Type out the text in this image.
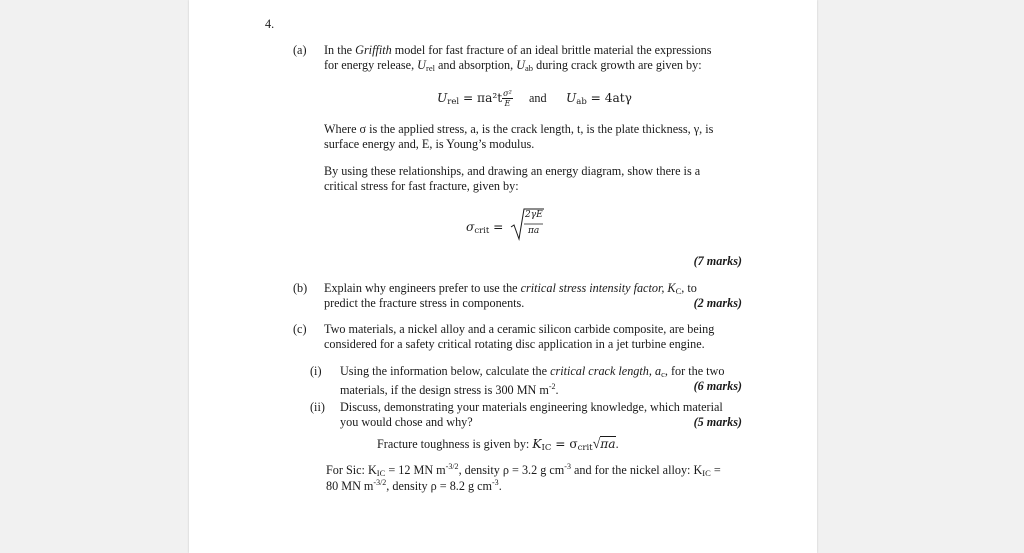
4.
(a) In the Griffith model for fast fracture of an ideal brittle material the expressions
for energy release, $U_{rel}$ and absorption, $U_{ab}$ during crack growth are given by:
$U_{rel} = \pi a^2t \frac{\text{σ²}}{E}$ and $U_{ab} = 4at\gamma$
Where σ is the applied stress, a, is the crack length, t, is the plate thickness, γ, is
surface energy and, E, is Young’s modulus.
By using these relationships, and drawing an energy diagram, show there is a
critical stress for fast fracture, given by:
$\sigma_{crit}$ =
2γE
πa
(7 marks)
(b) Explain why engineers prefer to use the critical stress intensity factor, $K_C$, to
predict the fracture stress in components.	(2 marks)
(c) Two materials, a nickel alloy and a ceramic silicon carbide composite, are being
considered for a safety critical rotating disc application in a jet turbine engine.
(i) Using the information below, calculate the critical crack length, $a_c$, for the two
materials, if the design stress is 300 MN $m^{-2}$.	(6 marks)
(ii) Discuss, demonstrating your materials engineering knowledge, which material
you would chose and why?	(5 marks)
Fracture toughness is given by: $K_{IC} = \sigma_{crit}√\pi a$.
For Sic: $K_{IC} = 12$ MN $m^{-3/2}$, density ρ = 3.2 g $cm^{-3}$ and for the nickel alloy: $K_{IC}$ =
80 MN $m^{-3/2}$, density ρ = 8.2 g $cm^{-3}$.
